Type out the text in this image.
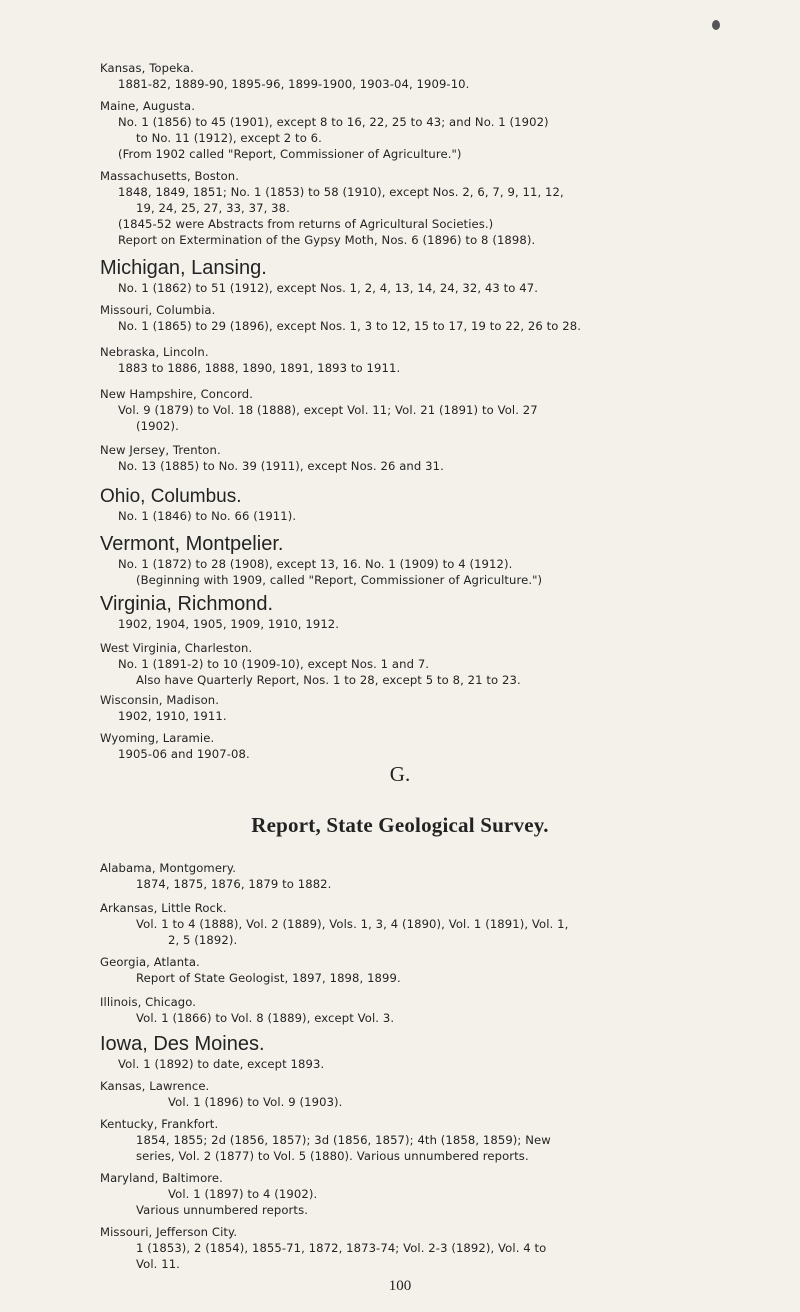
Kansas, Topeka.
1881-82, 1889-90, 1895-96, 1899-1900, 1903-04, 1909-10.
Maine, Augusta.
No. 1 (1856) to 45 (1901), except 8 to 16, 22, 25 to 43; and No. 1 (1902)
to No. 11 (1912), except 2 to 6.
(From 1902 called "Report, Commissioner of Agriculture.")
Massachusetts, Boston.
1848, 1849, 1851; No. 1 (1853) to 58 (1910), except Nos. 2, 6, 7, 9, 11, 12,
19, 24, 25, 27, 33, 37, 38.
(1845-52 were Abstracts from returns of Agricultural Societies.)
Report on Extermination of the Gypsy Moth, Nos. 6 (1896) to 8 (1898).
Michigan, Lansing.
No. 1 (1862) to 51 (1912), except Nos. 1, 2, 4, 13, 14, 24, 32, 43 to 47.
Missouri, Columbia.
No. 1 (1865) to 29 (1896), except Nos. 1, 3 to 12, 15 to 17, 19 to 22, 26 to 28.
Nebraska, Lincoln.
1883 to 1886, 1888, 1890, 1891, 1893 to 1911.
New Hampshire, Concord.
Vol. 9 (1879) to Vol. 18 (1888), except Vol. 11; Vol. 21 (1891) to Vol. 27
(1902).
New Jersey, Trenton.
No. 13 (1885) to No. 39 (1911), except Nos. 26 and 31.
Ohio, Columbus.
No. 1 (1846) to No. 66 (1911).
Vermont, Montpelier.
No. 1 (1872) to 28 (1908), except 13, 16. No. 1 (1909) to 4 (1912).
(Beginning with 1909, called "Report, Commissioner of Agriculture.")
Virginia, Richmond.
1902, 1904, 1905, 1909, 1910, 1912.
West Virginia, Charleston.
No. 1 (1891-2) to 10 (1909-10), except Nos. 1 and 7.
Also have Quarterly Report, Nos. 1 to 28, except 5 to 8, 21 to 23.
Wisconsin, Madison.
1902, 1910, 1911.
Wyoming, Laramie.
1905-06 and 1907-08.
G.
Report, State Geological Survey.
Alabama, Montgomery.
1874, 1875, 1876, 1879 to 1882.
Arkansas, Little Rock.
Vol. 1 to 4 (1888), Vol. 2 (1889), Vols. 1, 3, 4 (1890), Vol. 1 (1891), Vol. 1,
2, 5 (1892).
Georgia, Atlanta.
Report of State Geologist, 1897, 1898, 1899.
Illinois, Chicago.
Vol. 1 (1866) to Vol. 8 (1889), except Vol. 3.
Iowa, Des Moines.
Vol. 1 (1892) to date, except 1893.
Kansas, Lawrence.
Vol. 1 (1896) to Vol. 9 (1903).
Kentucky, Frankfort.
1854, 1855; 2d (1856, 1857); 3d (1856, 1857); 4th (1858, 1859); New
series, Vol. 2 (1877) to Vol. 5 (1880). Various unnumbered reports.
Maryland, Baltimore.
Vol. 1 (1897) to 4 (1902).
Various unnumbered reports.
Missouri, Jefferson City.
1 (1853), 2 (1854), 1855-71, 1872, 1873-74; Vol. 2-3 (1892), Vol. 4 to
Vol. 11.
100
